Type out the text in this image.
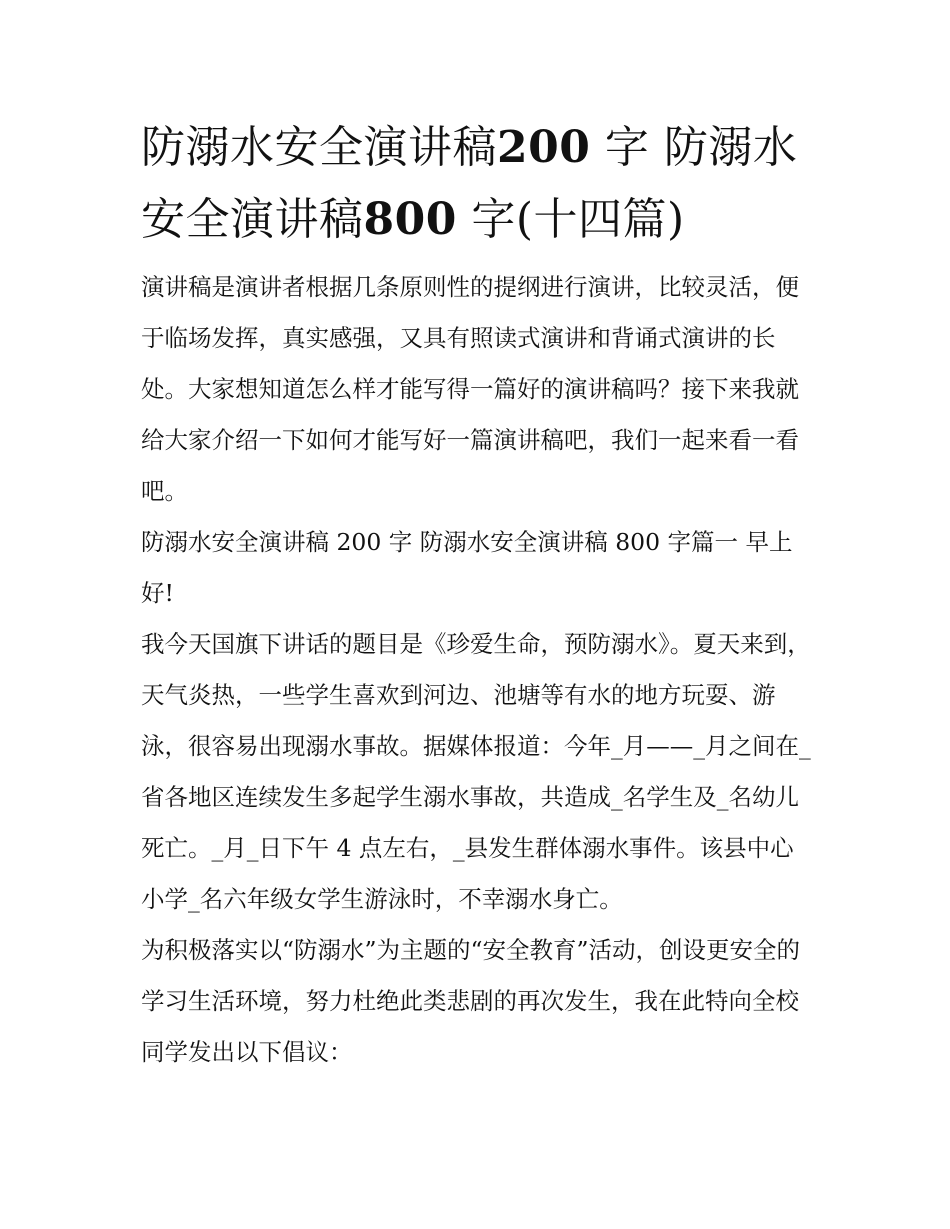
防溺水安全演讲稿200 字 防溺水安全演讲稿800 字(十四篇)

演讲稿是演讲者根据几条原则性的提纲进行演讲，比较灵活，便于临场发挥，真实感强，又具有照读式演讲和背诵式演讲的长处。大家想知道怎么样才能写得一篇好的演讲稿吗？接下来我就给大家介绍一下如何才能写好一篇演讲稿吧，我们一起来看一看吧。

防溺水安全演讲稿 200 字 防溺水安全演讲稿 800 字篇一 早上好!

我今天国旗下讲话的题目是《珍爱生命，预防溺水》。夏天来到，天气炎热，一些学生喜欢到河边、池塘等有水的地方玩耍、游泳，很容易出现溺水事故。据媒体报道：今年_月——_月之间在_省各地区连续发生多起学生溺水事故，共造成_名学生及_名幼儿死亡。_月_日下午 4 点左右，_县发生群体溺水事件。该县中心小学_名六年级女学生游泳时，不幸溺水身亡。

为积极落实以“防溺水”为主题的“安全教育”活动，创设更安全的学习生活环境，努力杜绝此类悲剧的再次发生，我在此特向全校同学发出以下倡议：
